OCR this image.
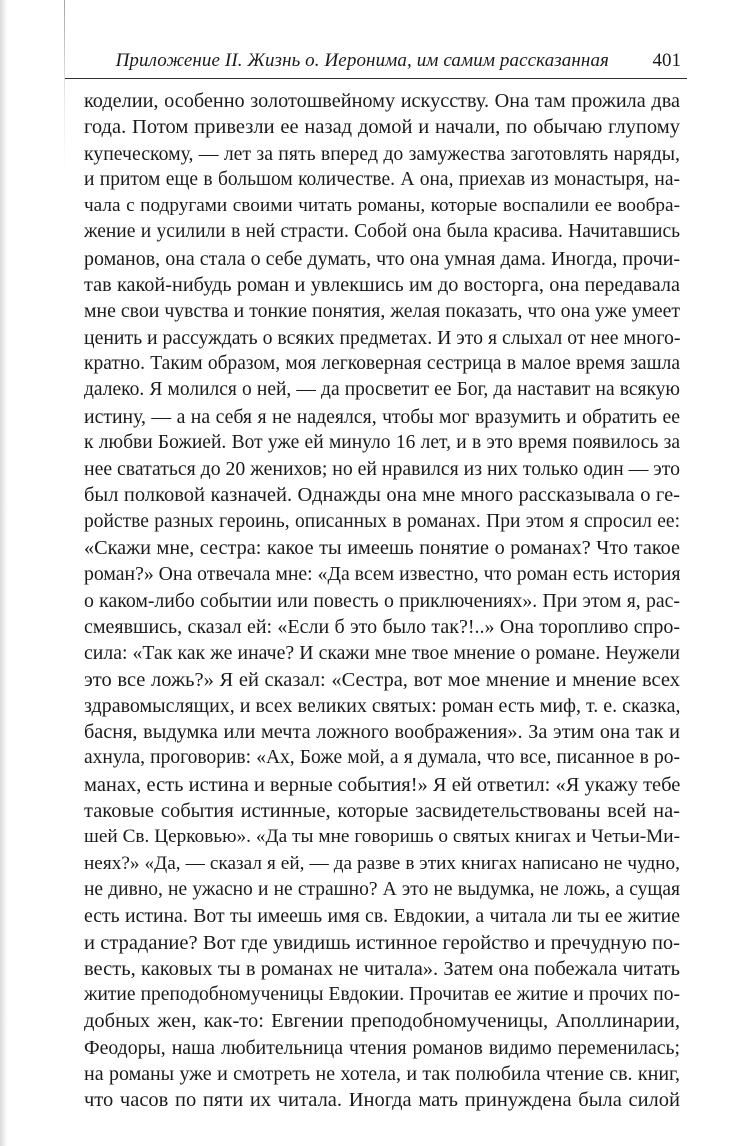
Приложение II. Жизнь о. Иеронима, им самим рассказанная 401
коделии, особенно золотошвейному искусству. Она там прожила два
года. Потом привезли ее назад домой и начали, по обычаю глупому
купеческому, — лет за пять вперед до замужества заготовлять наряды,
и притом еще в большом количестве. А она, приехав из монастыря, на-
чала с подругами своими читать романы, которые воспалили ее вообра-
жение и усилили в ней страсти. Собой она была красива. Начитавшись
романов, она стала о себе думать, что она умная дама. Иногда, прочи-
тав какой-нибудь роман и увлекшись им до восторга, она передавала
мне свои чувства и тонкие понятия, желая показать, что она уже умеет
ценить и рассуждать о всяких предметах. И это я слыхал от нее много-
кратно. Таким образом, моя легковерная сестрица в малое время зашла
далеко. Я молился о ней, — да просветит ее Бог, да наставит на всякую
истину, — а на себя я не надеялся, чтобы мог вразумить и обратить ее
к любви Божией. Вот уже ей минуло 16 лет, и в это время появилось за
нее свататься до 20 женихов; но ей нравился из них только один — это
был полковой казначей. Однажды она мне много рассказывала о ге-
ройстве разных героинь, описанных в романах. При этом я спросил ее:
«Скажи мне, сестра: какое ты имеешь понятие о романах? Что такое
роман?» Она отвечала мне: «Да всем известно, что роман есть история
о каком-либо событии или повесть о приключениях». При этом я, рас-
смеявшись, сказал ей: «Если б это было так?!..» Она торопливо спро-
сила: «Так как же иначе? И скажи мне твое мнение о романе. Неужели
это все ложь?» Я ей сказал: «Сестра, вот мое мнение и мнение всех
здравомыслящих, и всех великих святых: роман есть миф, т. е. сказка,
басня, выдумка или мечта ложного воображения». За этим она так и
ахнула, проговорив: «Ах, Боже мой, а я думала, что все, писанное в ро-
манах, есть истина и верные события!» Я ей ответил: «Я укажу тебе
таковые события истинные, которые засвидетельствованы всей на-
шей Св. Церковью». «Да ты мне говоришь о святых книгах и Четьи-Ми-
неях?» «Да, — сказал я ей, — да разве в этих книгах написано не чудно,
не дивно, не ужасно и не страшно? А это не выдумка, не ложь, а сущая
есть истина. Вот ты имеешь имя св. Евдокии, а читала ли ты ее житие
и страдание? Вот где увидишь истинное геройство и пречудную по-
весть, каковых ты в романах не читала». Затем она побежала читать
житие преподобномученицы Евдокии. Прочитав ее житие и прочих по-
добных жен, как-то: Евгении преподобномученицы, Аполлинарии,
Феодоры, наша любительница чтения романов видимо переменилась;
на романы уже и смотреть не хотела, и так полюбила чтение св. книг,
что часов по пяти их читала. Иногда мать принуждена была силой
